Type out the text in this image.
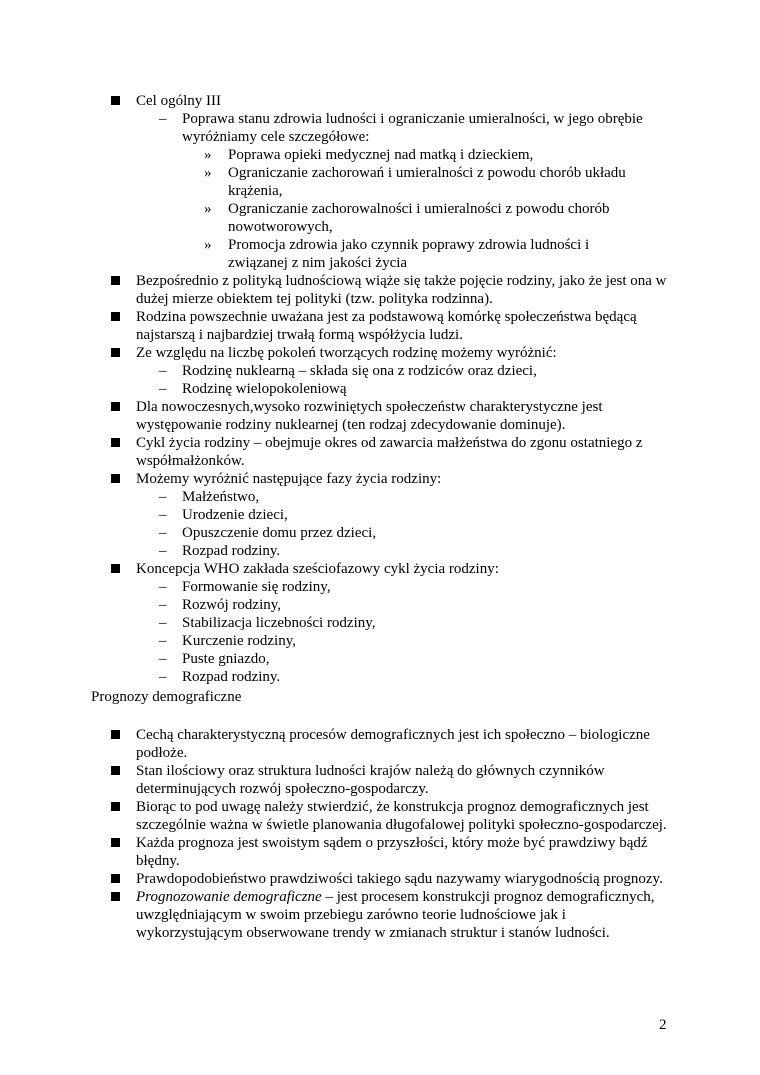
Cel ogólny III
–	Poprawa stanu zdrowia ludności i ograniczanie umieralności, w jego obrębie wyróżniamy cele szczegółowe:
»	Poprawa opieki medycznej nad matką i dzieckiem,
»	Ograniczanie zachorowań i umieralności z powodu chorób układu krążenia,
»	Ograniczanie zachorowalności i umieralności z powodu chorób nowotworowych,
»	Promocja zdrowia jako czynnik poprawy zdrowia ludności i związanej z nim jakości życia
Bezpośrednio z polityką ludnościową wiąże się także pojęcie rodziny, jako że jest ona w dużej mierze obiektem tej polityki (tzw. polityka rodzinna).
Rodzina powszechnie uważana jest za podstawową komórkę społeczeństwa będącą najstarszą i najbardziej trwałą formą współżycia ludzi.
Ze względu na liczbę pokoleń tworzących rodzinę możemy wyróżnić:
–	Rodzinę nuklearną – składa się ona z rodziców oraz dzieci,
–	Rodzinę wielopokoleniową
Dla nowoczesnych,wysoko rozwiniętych społeczeństw charakterystyczne jest występowanie rodziny nuklearnej (ten rodzaj zdecydowanie dominuje).
Cykl życia rodziny – obejmuje okres od zawarcia małżeństwa do zgonu ostatniego z współmałżonków.
Możemy wyróżnić następujące fazy życia rodziny:
–	Małżeństwo,
–	Urodzenie dzieci,
–	Opuszczenie domu przez dzieci,
–	Rozpad rodziny.
Koncepcja WHO zakłada sześciofazowy cykl życia rodziny:
–	Formowanie się rodziny,
–	Rozwój rodziny,
–	Stabilizacja liczebności rodziny,
–	Kurczenie rodziny,
–	Puste gniazdo,
–	Rozpad rodziny.
Prognozy demograficzne
Cechą charakterystyczną procesów demograficznych jest ich społeczno – biologiczne podłoże.
Stan ilościowy oraz struktura ludności krajów należą do głównych czynników determinujących rozwój społeczno-gospodarczy.
Biorąc to pod uwagę należy stwierdzić, że konstrukcja prognoz demograficznych jest szczególnie ważna w świetle planowania długofalowej polityki społeczno-gospodarczej.
Każda prognoza jest swoistym sądem o przyszłości, który może być prawdziwy bądź błędny.
Prawdopodobieństwo prawdziwości takiego sądu nazywamy wiarygodnością prognozy.
Prognozowanie demograficzne – jest procesem konstrukcji prognoz demograficznych, uwzględniającym w swoim przebiegu zarówno teorie ludnościowe jak i wykorzystującym obserwowane trendy w zmianach struktur i stanów ludności.
2
